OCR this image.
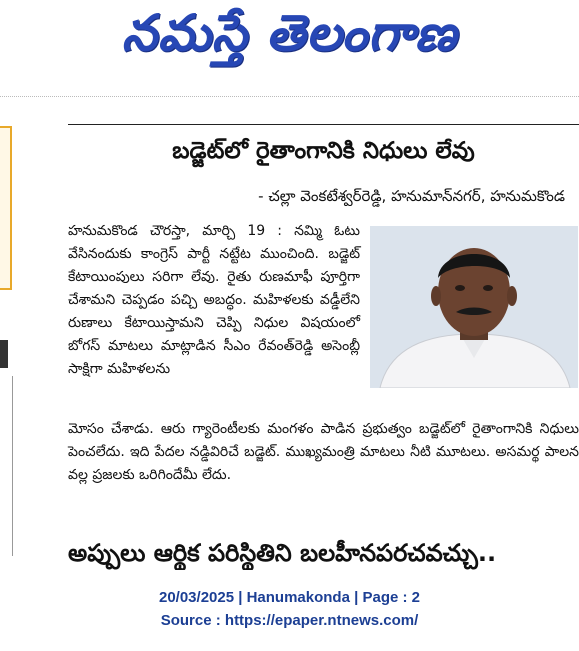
నమస్తే తెలంగాణ
బడ్జెట్‌లో రైతాంగానికి నిధులు లేవు
- చల్లా వెంకటేశ్వర్‌రెడ్డి, హనుమాన్‌నగర్, హనుమకొండ
హనుమకొండ చౌరస్తా, మార్చి 19 : నమ్మి ఓటు వేసినందుకు కాంగ్రెస్ పార్టీ నట్టేట ముంచింది. బడ్జెట్ కేటాయింపులు సరిగా లేవు. రైతు రుణమాఫీ పూర్తిగా చేశామని చెప్పడం పచ్చి అబద్ధం. మహిళలకు వడ్డీలేని రుణాలు కేటాయిస్తామని చెప్పి నిధుల విషయంలో బోగస్ మాటలు మాట్లాడిన సీఎం రేవంత్‌రెడ్డి అసెంబ్లీ సాక్షిగా మహిళలను
మోసం చేశాడు. ఆరు గ్యారెంటీలకు మంగళం పాడిన ప్రభుత్వం బడ్జెట్‌లో రైతాంగానికి నిధులు పెంచలేదు. ఇది పేదల నడ్డివిరిచే బడ్జెట్. ముఖ్యమంత్రి మాటలు నీటి మూటలు. అసమర్థ పాలన వల్ల ప్రజలకు ఒరిగిందేమీ లేదు.
అప్పులు ఆర్థిక పరిస్థితిని బలహీనపరచవచ్చు..
20/03/2025 | Hanumakonda | Page : 2
Source : https://epaper.ntnews.com/
